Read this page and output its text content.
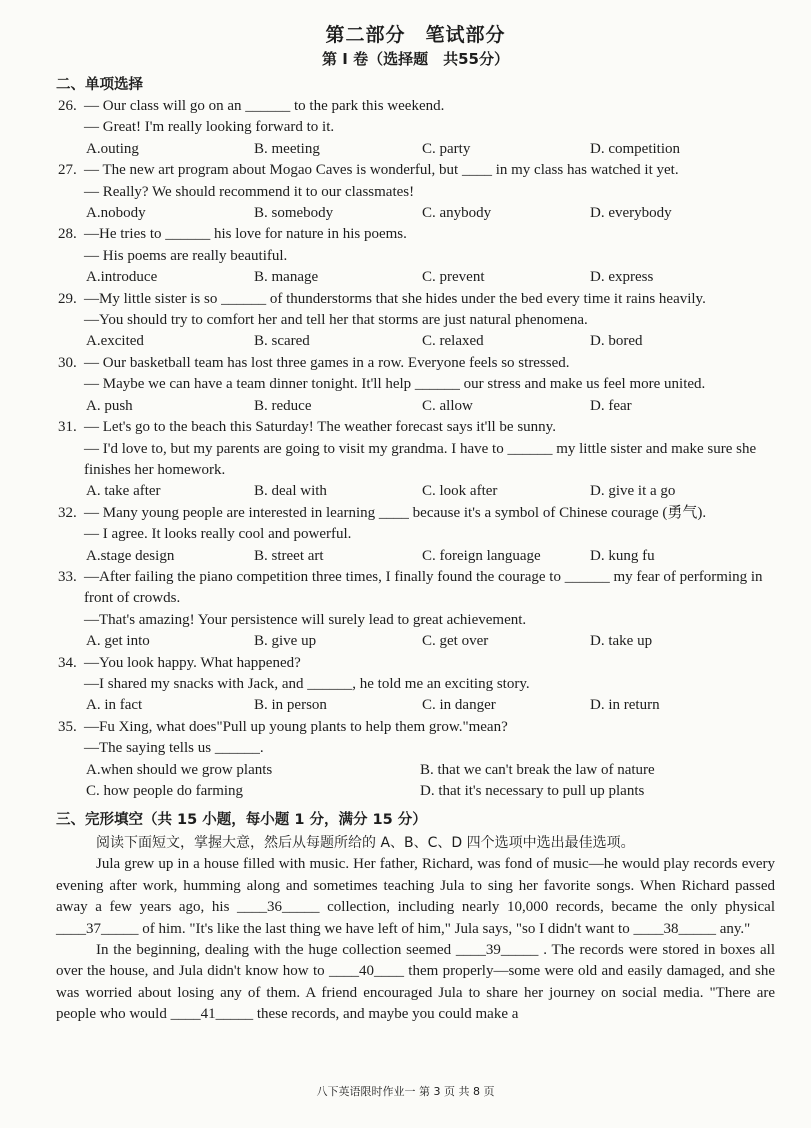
第二部分　笔试部分
第 I 卷（选择题　共55分）
二、单项选择
26. — Our class will go on an ______ to the park this weekend.
— Great! I'm really looking forward to it.
A.outing	B. meeting	C. party	D. competition
27. — The new art program about Mogao Caves is wonderful, but ____ in my class has watched it yet.
— Really? We should recommend it to our classmates!
A.nobody	B. somebody	C. anybody	D. everybody
28. —He tries to ______ his love for nature in his poems.
— His poems are really beautiful.
A.introduce	B. manage	C. prevent	D. express
29. —My little sister is so ______ of thunderstorms that she hides under the bed every time it rains heavily.
—You should try to comfort her and tell her that storms are just natural phenomena.
A.excited	B. scared	C. relaxed	D. bored
30. — Our basketball team has lost three games in a row. Everyone feels so stressed.
— Maybe we can have a team dinner tonight. It'll help ______ our stress and make us feel more united.
A. push	B. reduce	C. allow	D. fear
31. — Let's go to the beach this Saturday! The weather forecast says it'll be sunny.
— I'd love to, but my parents are going to visit my grandma. I have to ______ my little sister and make sure she finishes her homework.
A. take after	B. deal with	C. look after	D. give it a go
32. — Many young people are interested in learning ____ because it's a symbol of Chinese courage (勇气).
— I agree. It looks really cool and powerful.
A.stage design	B. street art	C. foreign language	D. kung fu
33. —After failing the piano competition three times, I finally found the courage to ______ my fear of performing in front of crowds.
—That's amazing! Your persistence will surely lead to great achievement.
A. get into	B. give up	C. get over	D. take up
34. —You look happy. What happened?
—I shared my snacks with Jack, and ______, he told me an exciting story.
A. in fact	B. in person	C. in danger	D. in return
35. —Fu Xing, what does"Pull up young plants to help them grow."mean?
—The saying tells us ______.
A.when should we grow plants	B. that we can't break the law of nature
C. how people do farming	D. that it's necessary to pull up plants
三、完形填空（共 15 小题，每小题 1 分，满分 15 分）
阅读下面短文，掌握大意，然后从每题所给的 A、B、C、D 四个选项中选出最佳选项。
Jula grew up in a house filled with music. Her father, Richard, was fond of music—he would play records every evening after work, humming along and sometimes teaching Jula to sing her favorite songs. When Richard passed away a few years ago, his ____36_____ collection, including nearly 10,000 records, became the only physical ____37_____ of him. "It's like the last thing we have left of him," Jula says, "so I didn't want to ____38_____ any."
In the beginning, dealing with the huge collection seemed ____39_____ . The records were stored in boxes all over the house, and Jula didn't know how to ____40____ them properly—some were old and easily damaged, and she was worried about losing any of them. A friend encouraged Jula to share her journey on social media. "There are people who would ____41_____ these records, and maybe you could make a
八下英语限时作业一 第 3 页 共 8 页
